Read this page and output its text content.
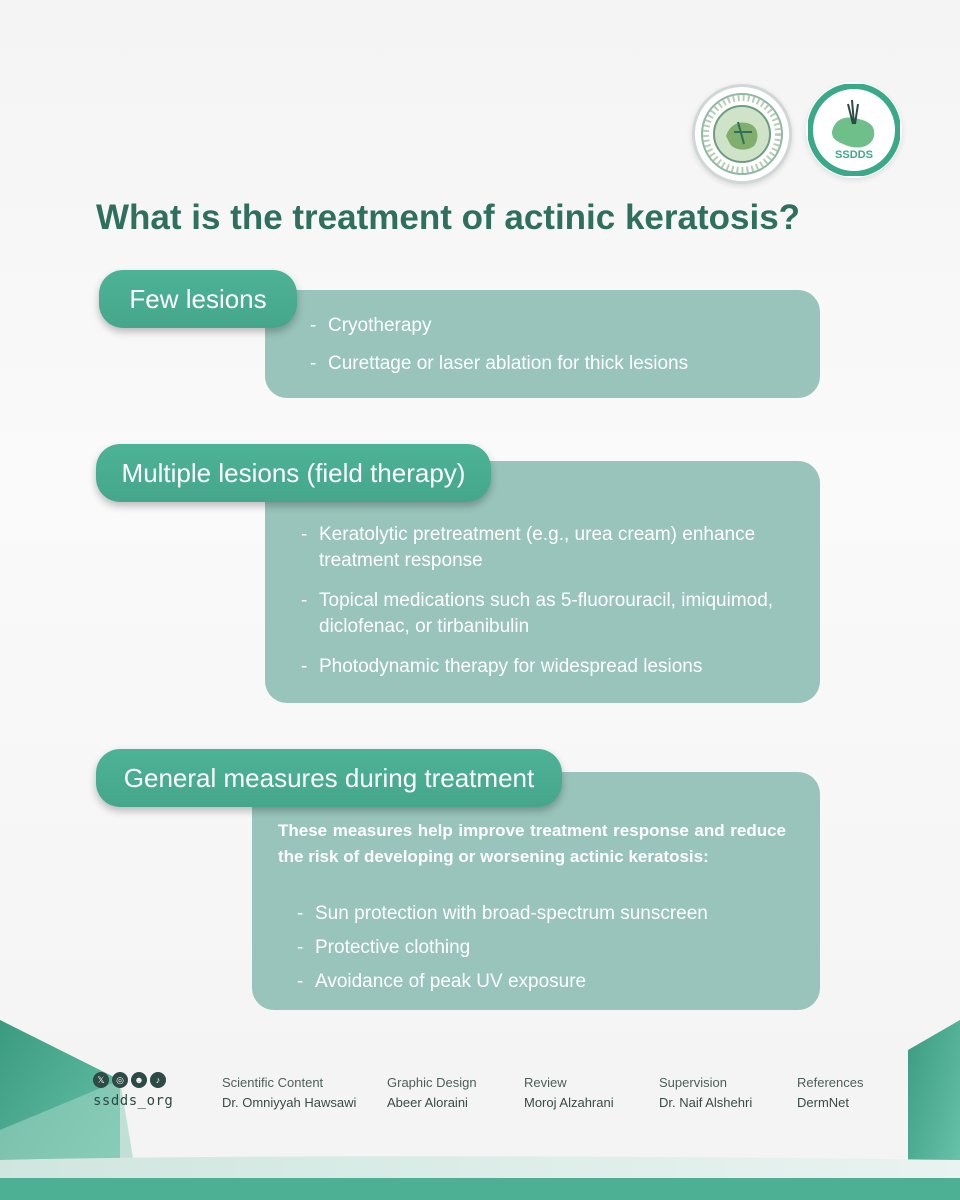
SSDDS
What is the treatment of actinic keratosis?
Few lesions
- Cryotherapy
- Curettage or laser ablation for thick lesions
Multiple lesions (field therapy)
- Keratolytic pretreatment (e.g., urea cream) enhance treatment response
- Topical medications such as 5-fluorouracil, imiquimod, diclofenac, or tirbanibulin
- Photodynamic therapy for widespread lesions
General measures during treatment

These measures help improve treatment response and reduce the risk of developing or worsening actinic keratosis:

- Sun protection with broad-spectrum sunscreen
- Protective clothing
- Avoidance of peak UV exposure
𝕏	◎	☻	♪
ssdds_org
Scientific Content
Dr. Omniyyah Hawsawi
Graphic Design
Abeer Aloraini
Review
Moroj Alzahrani
Supervision
Dr. Naif Alshehri
References
DermNet
